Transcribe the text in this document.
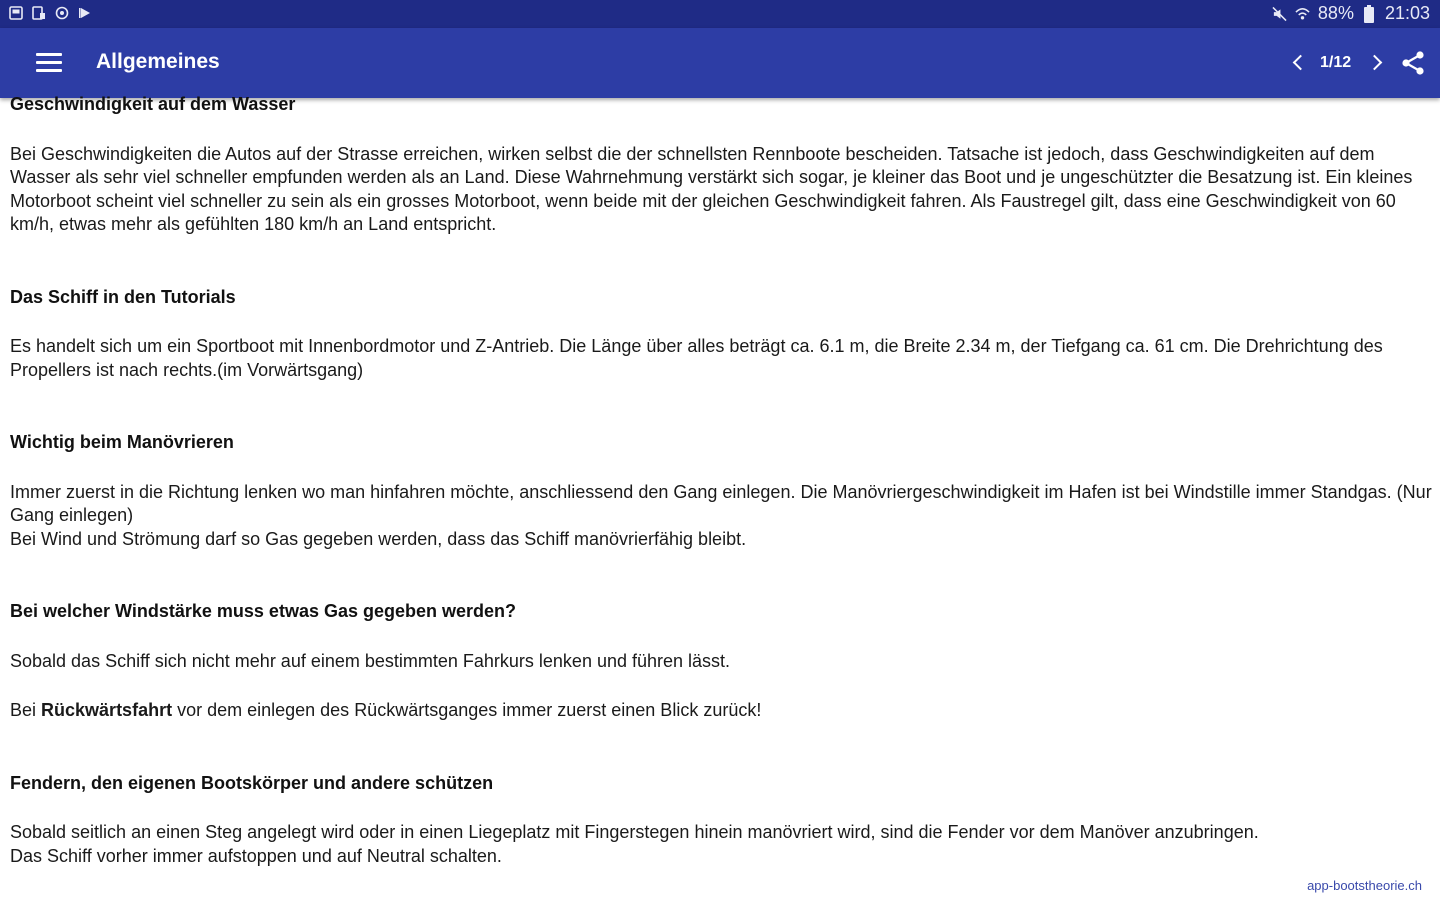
88% 21:03
Allgemeines	1/12
Geschwindigkeit auf dem Wasser

Bei Geschwindigkeiten die Autos auf der Strasse erreichen, wirken selbst die der schnellsten Rennboote bescheiden. Tatsache ist jedoch, dass Geschwindigkeiten auf dem Wasser als sehr viel schneller empfunden werden als an Land. Diese Wahrnehmung verstärkt sich sogar, je kleiner das Boot und je ungeschützter die Besatzung ist. Ein kleines Motorboot scheint viel schneller zu sein als ein grosses Motorboot, wenn beide mit der gleichen Geschwindigkeit fahren. Als Faustregel gilt, dass eine Geschwindigkeit von 60 km/h, etwas mehr als gefühlten 180 km/h an Land entspricht.

Das Schiff in den Tutorials

Es handelt sich um ein Sportboot mit Innenbordmotor und Z-Antrieb. Die Länge über alles beträgt ca. 6.1 m, die Breite 2.34 m, der Tiefgang ca. 61 cm. Die Drehrichtung des Propellers ist nach rechts.(im Vorwärtsgang)

Wichtig beim Manövrieren

Immer zuerst in die Richtung lenken wo man hinfahren möchte, anschliessend den Gang einlegen. Die Manövriergeschwindigkeit im Hafen ist bei Windstille immer Standgas. (Nur Gang einlegen)

Bei Wind und Strömung darf so Gas gegeben werden, dass das Schiff manövrierfähig bleibt.

Bei welcher Windstärke muss etwas Gas gegeben werden?

Sobald das Schiff sich nicht mehr auf einem bestimmten Fahrkurs lenken und führen lässt.

Bei Rückwärtsfahrt vor dem einlegen des Rückwärtsganges immer zuerst einen Blick zurück!

Fendern, den eigenen Bootskörper und andere schützen

Sobald seitlich an einen Steg angelegt wird oder in einen Liegeplatz mit Fingerstegen hinein manövriert wird, sind die Fender vor dem Manöver anzubringen.

Das Schiff vorher immer aufstoppen und auf Neutral schalten.

app-bootstheorie.ch
